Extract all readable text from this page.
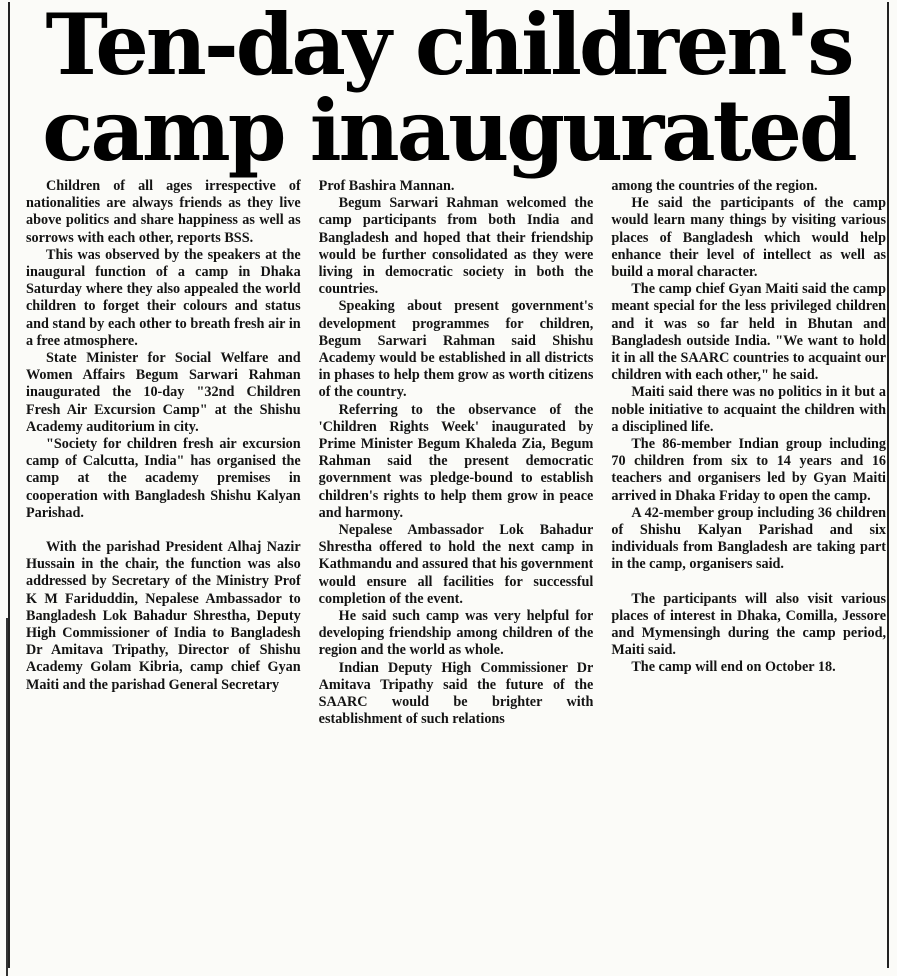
Ten-day children's camp inaugurated

Children of all ages irrespective of nationalities are always friends as they live above politics and share happiness as well as sorrows with each other, reports BSS.

This was observed by the speakers at the inaugural function of a camp in Dhaka Saturday where they also appealed the world children to forget their colours and status and stand by each other to breath fresh air in a free atmosphere.

State Minister for Social Welfare and Women Affairs Begum Sarwari Rahman inaugurated the 10-day "32nd Children Fresh Air Excursion Camp" at the Shishu Academy auditorium in city.

"Society for children fresh air excursion camp of Calcutta, India" has organised the camp at the academy premises in cooperation with Bangladesh Shishu Kalyan Parishad.

With the parishad President Alhaj Nazir Hussain in the chair, the function was also addressed by Secretary of the Ministry Prof K M Fariduddin, Nepalese Ambassador to Bangladesh Lok Bahadur Shrestha, Deputy High Commissioner of India to Bangladesh Dr Amitava Tripathy, Director of Shishu Academy Golam Kibria, camp chief Gyan Maiti and the parishad General Secretary

Prof Bashira Mannan.

Begum Sarwari Rahman welcomed the camp participants from both India and Bangladesh and hoped that their friendship would be further consolidated as they were living in democratic society in both the countries.

Speaking about present government's development programmes for children, Begum Sarwari Rahman said Shishu Academy would be established in all districts in phases to help them grow as worth citizens of the country.

Referring to the observance of the 'Children Rights Week' inaugurated by Prime Minister Begum Khaleda Zia, Begum Rahman said the present democratic government was pledge-bound to establish children's rights to help them grow in peace and harmony.

Nepalese Ambassador Lok Bahadur Shrestha offered to hold the next camp in Kathmandu and assured that his government would ensure all facilities for successful completion of the event.

He said such camp was very helpful for developing friendship among children of the region and the world as whole.

Indian Deputy High Commissioner Dr Amitava Tripathy said the future of the SAARC would be brighter with establishment of such relations

among the countries of the region.

He said the participants of the camp would learn many things by visiting various places of Bangladesh which would help enhance their level of intellect as well as build a moral character.

The camp chief Gyan Maiti said the camp meant special for the less privileged children and it was so far held in Bhutan and Bangladesh outside India. "We want to hold it in all the SAARC countries to acquaint our children with each other," he said.

Maiti said there was no politics in it but a noble initiative to acquaint the children with a disciplined life.

The 86-member Indian group including 70 children from six to 14 years and 16 teachers and organisers led by Gyan Maiti arrived in Dhaka Friday to open the camp.

A 42-member group including 36 children of Shishu Kalyan Parishad and six individuals from Bangladesh are taking part in the camp, organisers said.

The participants will also visit various places of interest in Dhaka, Comilla, Jessore and Mymensingh during the camp period, Maiti said.

The camp will end on October 18.
